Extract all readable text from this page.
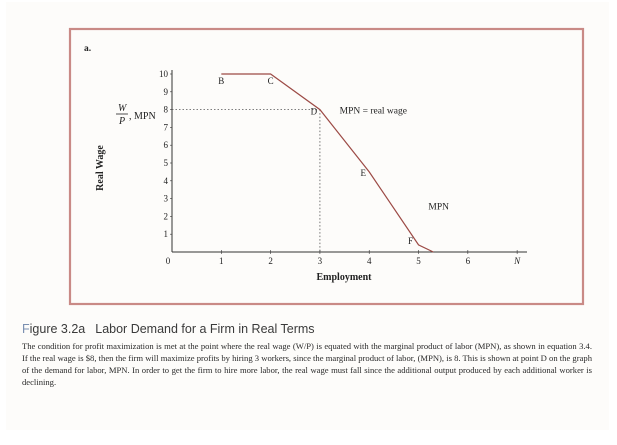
a.
10
9
8
7
6
5
4
3
2
1
0	1	2	3	4	5	6	N
B	C
D
E
F
W
P , MPN
Real Wage
Employment
MPN = real wage
MPN
Figure 3.2a Labor Demand for a Firm in Real Terms
The condition for profit maximization is met at the point where the real wage (W/P) is equated with the marginal product of labor (MPN), as shown in equation 3.4. If the real wage is $8, then the firm will maximize profits by hiring 3 workers, since the marginal product of labor, (MPN), is 8. This is shown at point D on the graph of the demand for labor, MPN. In order to get the firm to hire more labor, the real wage must fall since the additional output produced by each additional worker is declining.
